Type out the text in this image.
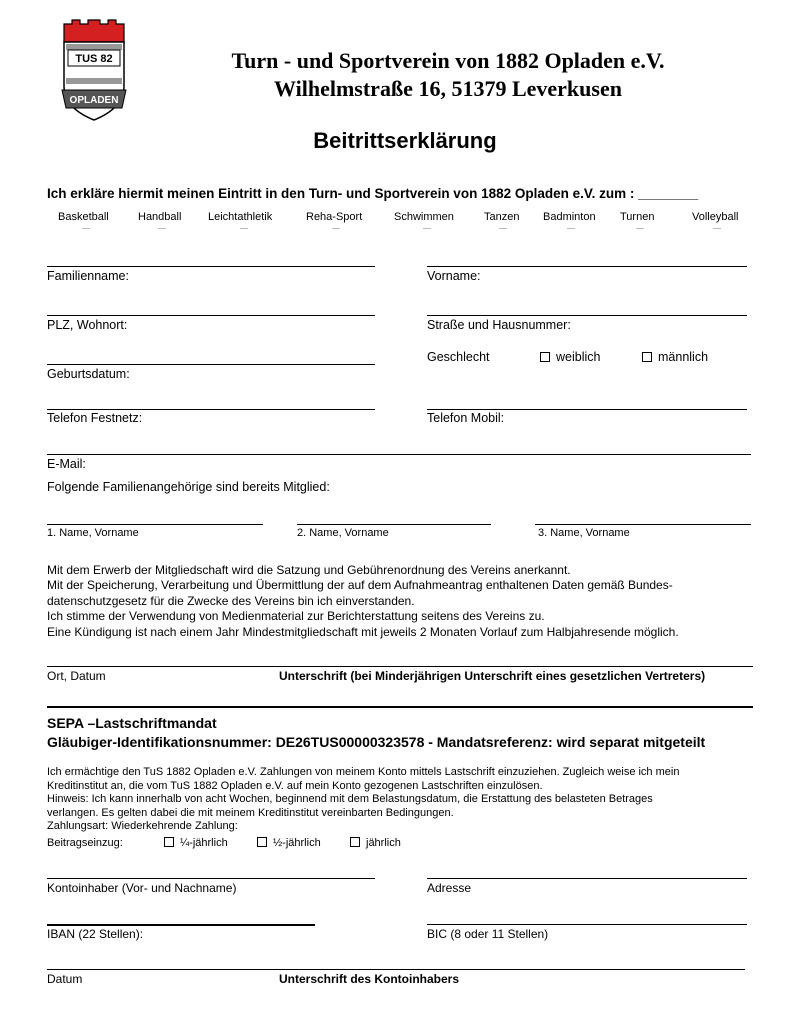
TUS 82
OPLADEN
Turn - und Sportverein von 1882 Opladen e.V.
Wilhelmstraße 16, 51379 Leverkusen
Beitrittserklärung
Ich erkläre hiermit meinen Eintritt in den Turn- und Sportverein von 1882 Opladen e.V. zum : ________
Basketball	Handball Leichtathletik	Reha-Sport	Schwimmen	Tanzen Badminton Turnen	Volleyball
Familienname:	Vorname:
PLZ, Wohnort:	Straße und Hausnummer:
Geschlecht	weiblich	männlich
Geburtsdatum:
Telefon Festnetz:	Telefon Mobil:
E-Mail:
Folgende Familienangehörige sind bereits Mitglied:
1. Name, Vorname	2. Name, Vorname	3. Name, Vorname
Mit dem Erwerb der Mitgliedschaft wird die Satzung und Gebührenordnung des Vereins anerkannt.
Mit der Speicherung, Verarbeitung und Übermittlung der auf dem Aufnahmeantrag enthaltenen Daten gemäß Bundes-
datenschutzgesetz für die Zwecke des Vereins bin ich einverstanden.
Ich stimme der Verwendung von Medienmaterial zur Berichterstattung seitens des Vereins zu.
Eine Kündigung ist nach einem Jahr Mindestmitgliedschaft mit jeweils 2 Monaten Vorlauf zum Halbjahresende möglich.
Ort, Datum	Unterschrift (bei Minderjährigen Unterschrift eines gesetzlichen Vertreters)
SEPA –Lastschriftmandat
Gläubiger-Identifikationsnummer: DE26TUS00000323578 - Mandatsreferenz: wird separat mitgeteilt
Ich ermächtige den TuS 1882 Opladen e.V. Zahlungen von meinem Konto mittels Lastschrift einzuziehen. Zugleich weise ich mein
Kreditinstitut an, die vom TuS 1882 Opladen e.V. auf mein Konto gezogenen Lastschriften einzulösen.
Hinweis: Ich kann innerhalb von acht Wochen, beginnend mit dem Belastungsdatum, die Erstattung des belasteten Betrages
verlangen. Es gelten dabei die mit meinem Kreditinstitut vereinbarten Bedingungen.
Zahlungsart: Wiederkehrende Zahlung:
Beitragseinzug:	¼-jährlich	½-jährlich	jährlich
Kontoinhaber (Vor- und Nachname)	Adresse
IBAN (22 Stellen):	BIC (8 oder 11 Stellen)
Datum	Unterschrift des Kontoinhabers
